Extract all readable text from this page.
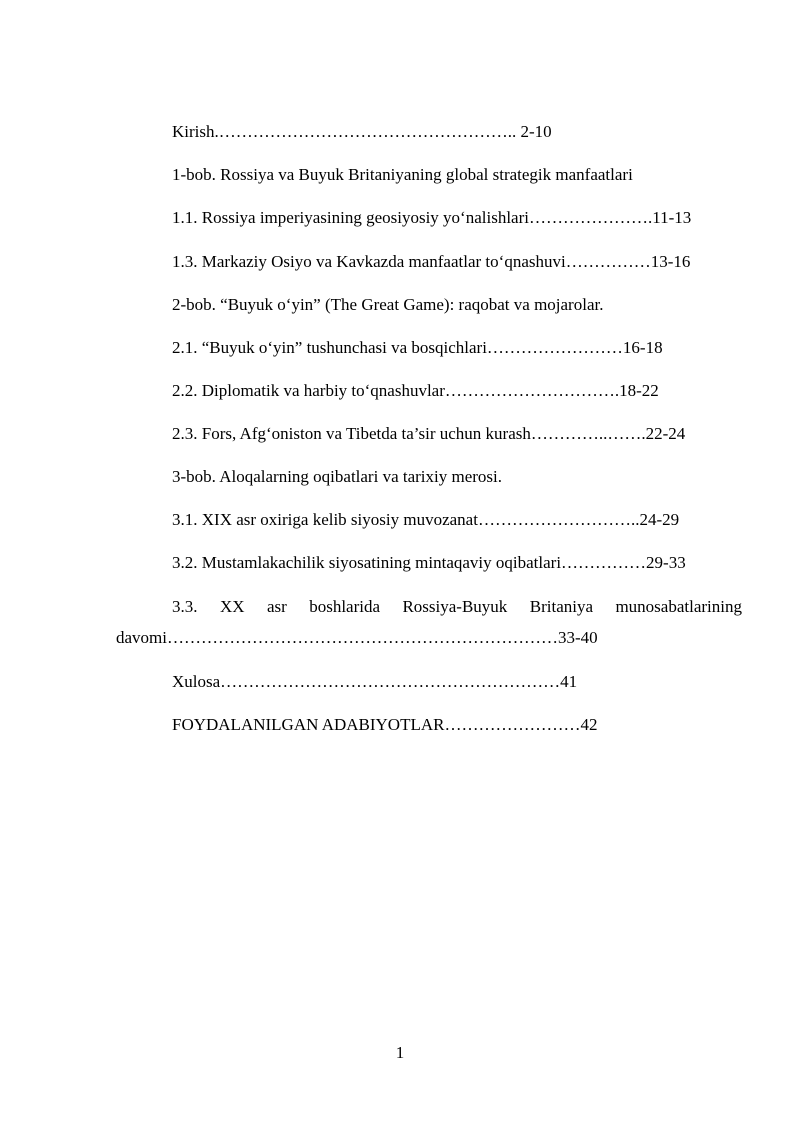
Kirish.…………………………………………….. 2-10
1-bob. Rossiya va Buyuk Britaniyaning global strategik manfaatlari
1.1. Rossiya imperiyasining geosiyosiy yo‘nalishlari………………….11-13
1.3. Markaziy Osiyo va Kavkazda manfaatlar to‘qnashuvi……………13-16
2-bob. “Buyuk o‘yin” (The Great Game): raqobat va mojarolar.
2.1. “Buyuk o‘yin” tushunchasi va bosqichlari……………………16-18
2.2. Diplomatik va harbiy to‘qnashuvlar………………………….18-22
2.3. Fors, Afg‘oniston va Tibetda ta’sir uchun kurash…………..…….22-24
3-bob. Aloqalarning oqibatlari va tarixiy merosi.
3.1. XIX asr oxiriga kelib siyosiy muvozanat………………………..24-29
3.2. Mustamlakachilik siyosatining mintaqaviy oqibatlari……………29-33
3.3. XX asr boshlarida Rossiya-Buyuk Britaniya munosabatlarining
davomi……………………………………………………………33-40
Xulosa……………………………………………………41
FOYDALANILGAN ADABIYOTLAR……………………42
1
